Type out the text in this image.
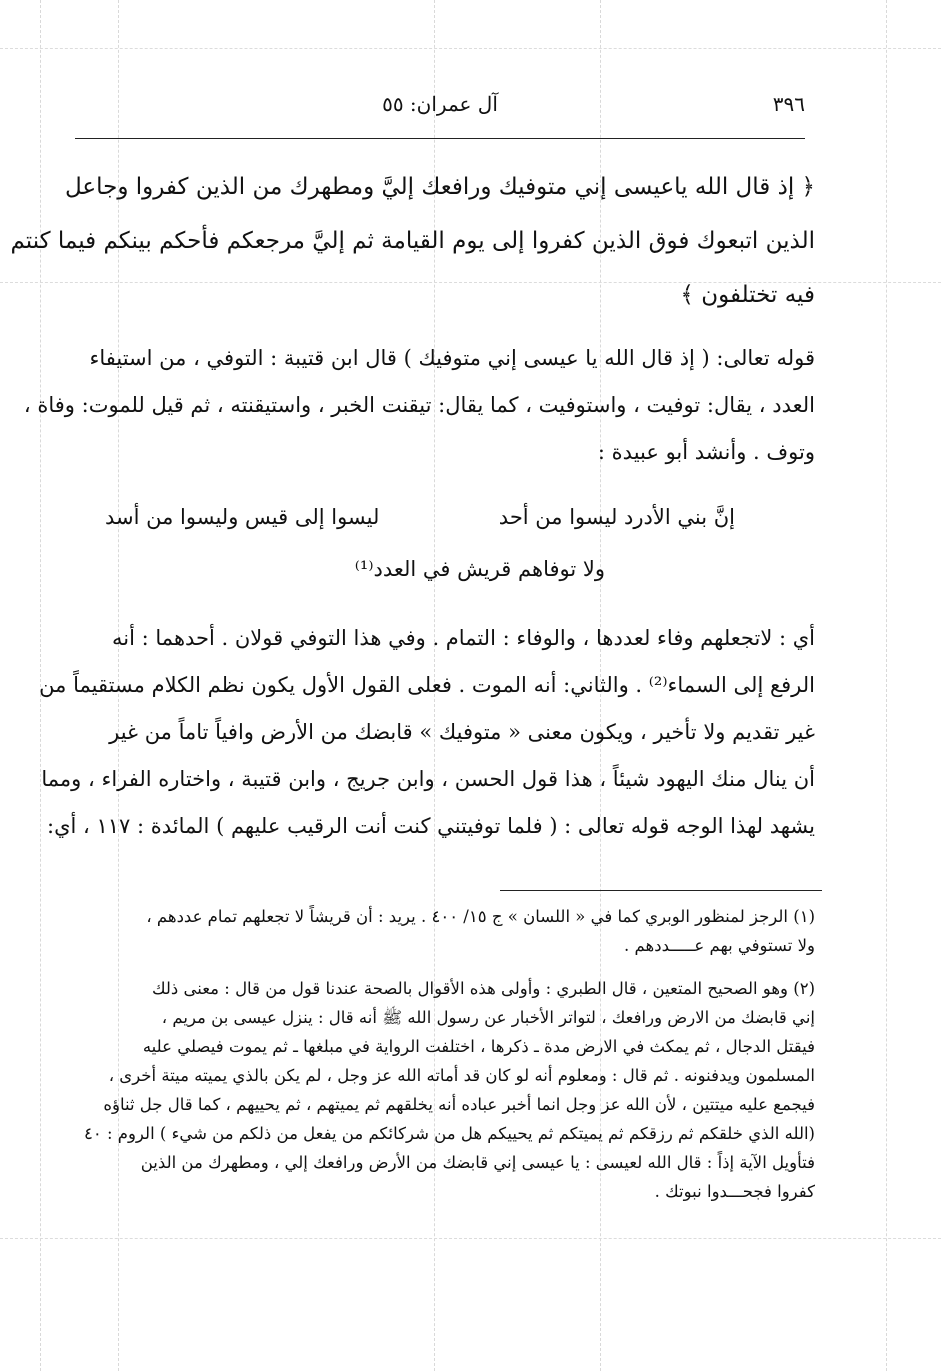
٣٩٦
آل عمران: ٥٥
﴿ إذ قال الله ياعيسى إني متوفيك ورافعك إليَّ ومطهرك من الذين كفروا وجاعل
الذين اتبعوك فوق الذين كفروا إلى يوم القيامة ثم إليَّ مرجعكم فأحكم بينكم فيما كنتم
فيه تختلفون ﴾
قوله تعالى: ( إذ قال الله يا عيسى إني متوفيك ) قال ابن قتيبة : التوفي ، من استيفاء
العدد ، يقال: توفيت ، واستوفيت ، كما يقال: تيقنت الخبر ، واستيقنته ، ثم قيل للموت: وفاة ،
وتوف . وأنشد أبو عبيدة :
إنَّ بني الأدرد ليسوا من أحد
ليسوا إلى قيس وليسوا من أسد
ولا توفاهم قريش في العدد⁽¹⁾
أي : لاتجعلهم وفاء لعددها ، والوفاء : التمام . وفي هذا التوفي قولان . أحدهما : أنه
الرفع إلى السماء⁽²⁾ . والثاني: أنه الموت . فعلى القول الأول يكون نظم الكلام مستقيماً من
غير تقديم ولا تأخير ، ويكون معنى « متوفيك » قابضك من الأرض وافياً تاماً من غير
أن ينال منك اليهود شيئاً ، هذا قول الحسن ، وابن جريج ، وابن قتيبة ، واختاره الفراء ، ومما
يشهد لهذا الوجه قوله تعالى : ( فلما توفيتني كنت أنت الرقيب عليهم ) المائدة : ١١٧ ، أي:
(١) الرجز لمنظور الوبري كما في « اللسان » ج ١٥/ ٤٠٠ . يريد : أن قريشاً لا تجعلهم تمام عددهم ،
ولا تستوفي بهم عـــــددهم .
(٢) وهو الصحيح المتعين ، قال الطبري : وأولى هذه الأقوال بالصحة عندنا قول من قال : معنى ذلك
إني قابضك من الارض ورافعك ، لتواتر الأخبار عن رسول الله ﷺ أنه قال : ينزل عيسى بن مريم ،
فيقتل الدجال ، ثم يمكث في الارض مدة ـ ذكرها ، اختلفت الرواية في مبلغها ـ ثم يموت فيصلي عليه
المسلمون ويدفنونه . ثم قال : ومعلوم أنه لو كان قد أماته الله عز وجل ، لم يكن بالذي يميته ميتة أخرى ،
فيجمع عليه ميتتين ، لأن الله عز وجل انما أخبر عباده أنه يخلقهم ثم يميتهم ، ثم يحييهم ، كما قال جل ثناؤه
(الله الذي خلقكم ثم رزقكم ثم يميتكم ثم يحييكم هل من شركائكم من يفعل من ذلكم من شيء ) الروم : ٤٠
فتأويل الآية إذاً : قال الله لعيسى : يا عيسى إني قابضك من الأرض ورافعك إلي ، ومطهرك من الذين
كفروا فجحـــدوا نبوتك .
